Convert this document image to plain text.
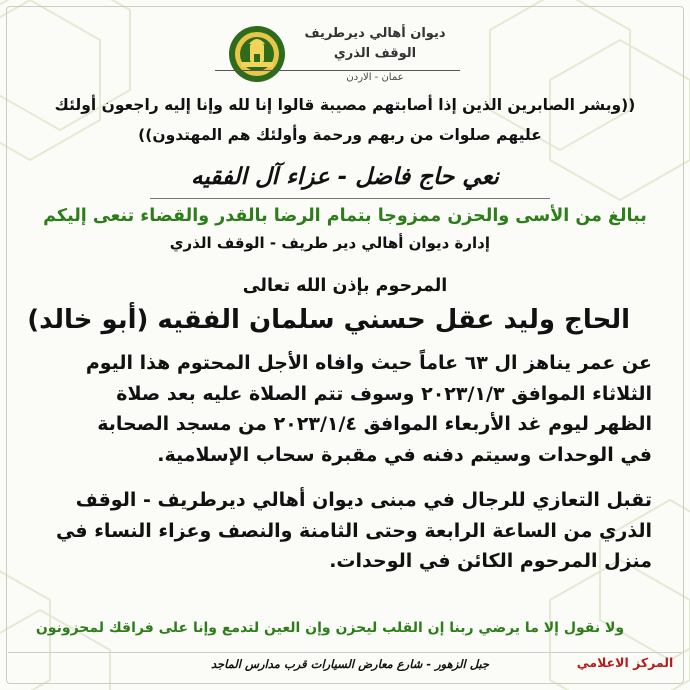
ديوان أهالي ديرطريف
الوقف الذري
عمان - الاردن
((وبشر الصابرين الذين إذا أصابتهم مصيبة قالوا إنا لله وإنا إليه راجعون أولئك
عليهم صلوات من ربهم ورحمة وأولئك هم المهتدون))
نعي حاج فاضل - عزاء آل الفقيه
ببالغ من الأسى والحزن ممزوجا بتمام الرضا بالقدر والقضاء تنعى إليكم
إدارة ديوان أهالي دير طريف - الوقف الذري
المرحوم بإذن الله تعالى
الحاج وليد عقل حسني سلمان الفقيه (أبو خالد)
عن عمر يناهز ال ٦٣ عاماً حيث وافاه الأجل المحتوم هذا اليوم
الثلاثاء الموافق ٢٠٢٣/١/٣ وسوف تتم الصلاة عليه بعد صلاة
الظهر ليوم غد الأربعاء الموافق ٢٠٢٣/١/٤ من مسجد الصحابة
في الوحدات وسيتم دفنه في مقبرة سحاب الإسلامية.
تقبل التعازي للرجال في مبنى ديوان أهالي ديرطريف - الوقف
الذري من الساعة الرابعة وحتى الثامنة والنصف وعزاء النساء في
منزل المرحوم الكائن في الوحدات.
ولا نقول إلا ما يرضي ربنا إن القلب ليحزن وإن العين لتدمع وإنا على فراقك لمحزونون
جبل الزهور - شارع معارض السيارات قرب مدارس الماجد	المركز الاعلامي
